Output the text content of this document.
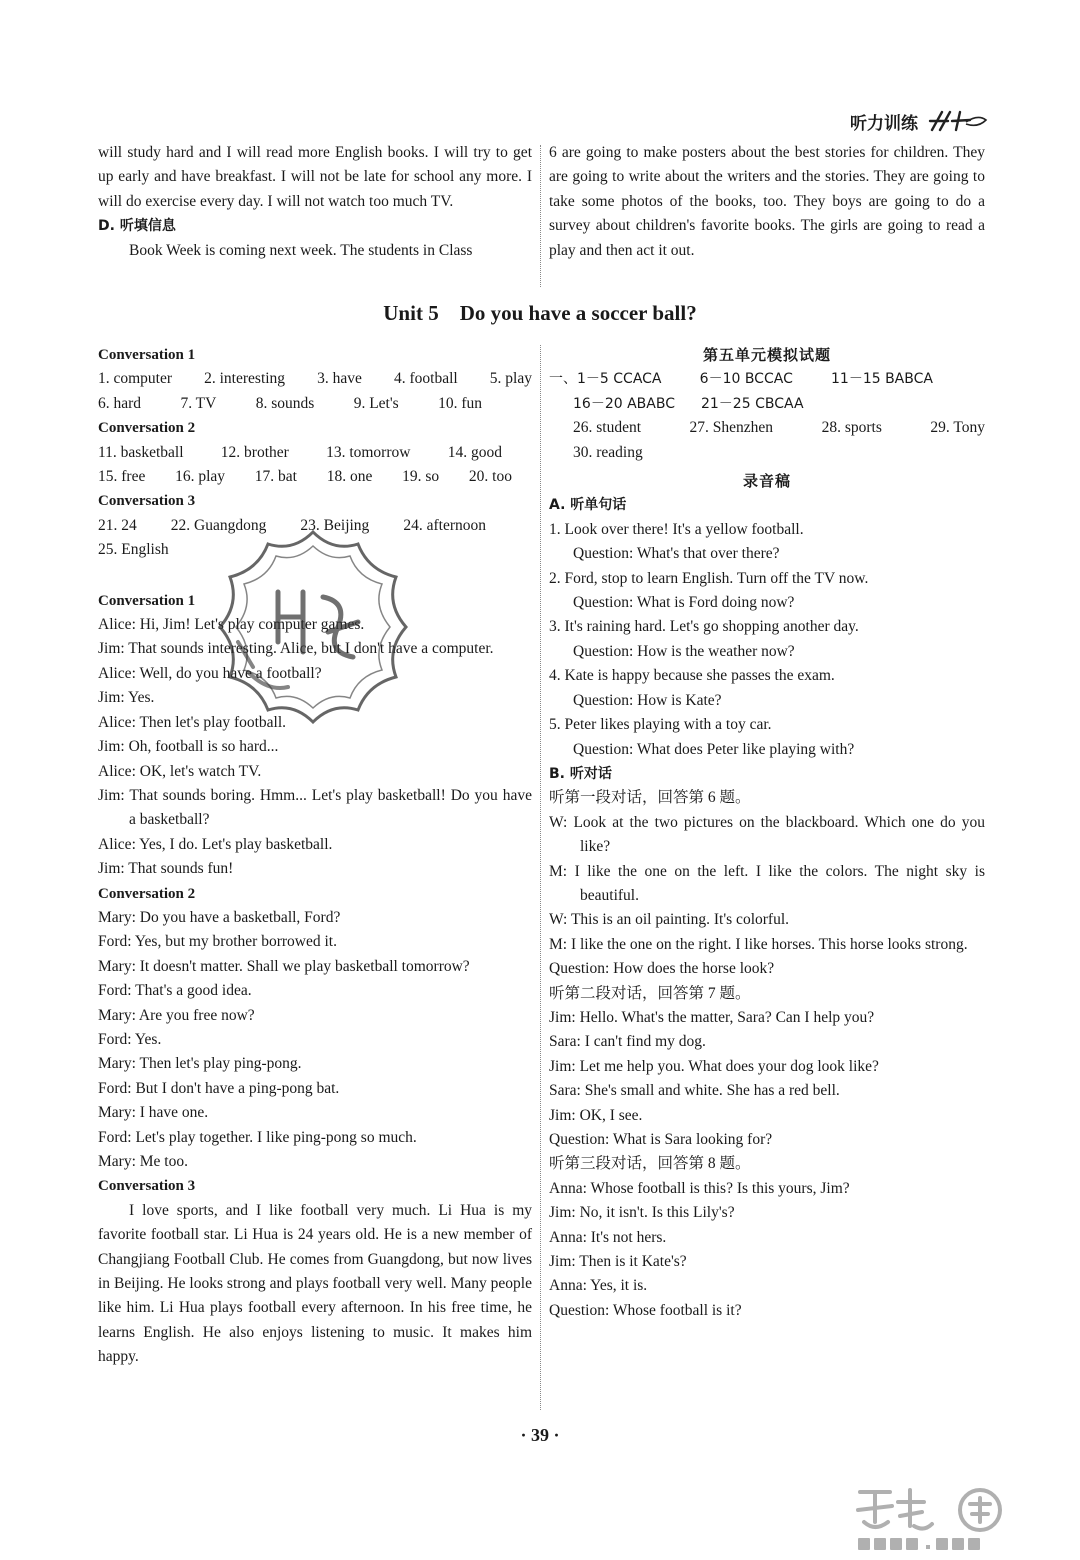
听力训练

will study hard and I will read more English books. I will try to get up early and have breakfast. I will not be late for school any more. I will do exercise every day. I will not watch too much TV.

D. 听填信息

Book Week is coming next week. The students in Class

6 are going to make posters about the best stories for children. They are going to write about the writers and the stories. They are going to take some photos of the books, too. They boys are going to do a survey about children's favorite books. The girls are going to read a play and then act it out.

Unit 5    Do you have a soccer ball?

Conversation 1

1. computer 2. interesting 3. have 4. football 5. play
6. hard	7. TV	8. sounds	9. Let's	10. fun

Conversation 2

11. basketball 12. brother 13. tomorrow 14. good
15. free 16. play 17. bat 18. one 19. so 20. too

Conversation 3

21. 24 22. Guangdong 23. Beijing 24. afternoon
25. English

Conversation 1

Alice: Hi, Jim! Let's play computer games.

Jim: That sounds interesting. Alice, but I don't have a computer.

Alice: Well, do you have a football?

Jim: Yes.

Alice: Then let's play football.

Jim: Oh, football is so hard...

Alice: OK, let's watch TV.

Jim: That sounds boring. Hmm... Let's play basketball! Do you have a basketball?

Alice: Yes, I do. Let's play basketball.

Jim: That sounds fun!

Conversation 2

Mary: Do you have a basketball, Ford?

Ford: Yes, but my brother borrowed it.

Mary: It doesn't matter. Shall we play basketball tomorrow?

Ford: That's a good idea.

Mary: Are you free now?

Ford: Yes.

Mary: Then let's play ping-pong.

Ford: But I don't have a ping-pong bat.

Mary: I have one.

Ford: Let's play together. I like ping-pong so much.

Mary: Me too.

Conversation 3

I love sports, and I like football very much. Li Hua is my favorite football star. Li Hua is 24 years old. He is a new member of Changjiang Football Club. He comes from Guangdong, but now lives in Beijing. He looks strong and plays football very well. Many people like him. Li Hua plays football every afternoon. In his free time, he learns English. He also enjoys listening to music. It makes him happy.

第五单元模拟试题

一、1－5 CCACA	6－10 BCCAC	11－15 BABCA
16－20 ABABC 21－25 CBCAA
26. student	27. Shenzhen	28. sports	29. Tony
30. reading

录音稿

A. 听单句话

1. Look over there! It's a yellow football.

Question: What's that over there?

2. Ford, stop to learn English. Turn off the TV now.

Question: What is Ford doing now?

3. It's raining hard. Let's go shopping another day.

Question: How is the weather now?

4. Kate is happy because she passes the exam.

Question: How is Kate?

5. Peter likes playing with a toy car.

Question: What does Peter like playing with?

B. 听对话

听第一段对话，回答第 6 题。

W: Look at the two pictures on the blackboard. Which one do you like?

M: I like the one on the left. I like the colors. The night sky is beautiful.

W: This is an oil painting. It's colorful.

M: I like the one on the right. I like horses. This horse looks strong.

Question: How does the horse look?

听第二段对话，回答第 7 题。

Jim: Hello. What's the matter, Sara? Can I help you?

Sara: I can't find my dog.

Jim: Let me help you. What does your dog look like?

Sara: She's small and white. She has a red bell.

Jim: OK, I see.

Question: What is Sara looking for?

听第三段对话，回答第 8 题。

Anna: Whose football is this? Is this yours, Jim?

Jim: No, it isn't. Is this Lily's?

Anna: It's not hers.

Jim: Then is it Kate's?

Anna: Yes, it is.

Question: Whose football is it?

· 39 ·
